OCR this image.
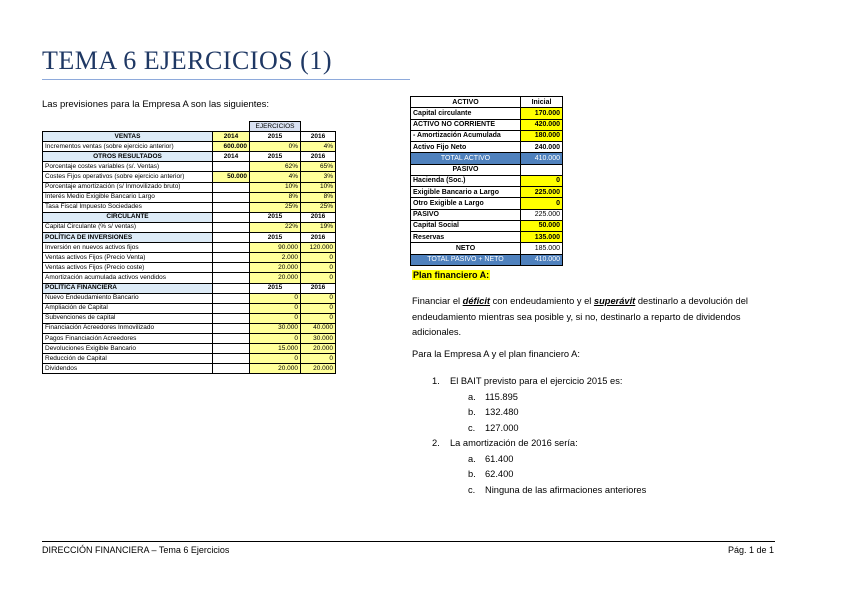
TEMA 6 EJERCICIOS (1)
Las previsiones para la Empresa A son las siguientes:
		EJERCICIOS	
VENTAS	2014	2015	2016
Incrementos ventas (sobre ejercicio anterior)	600.000	0%	4%
OTROS RESULTADOS	2014	2015	2016
Porcentaje costes variables (s/. Ventas)		62%	65%
Costes Fijos operativos (sobre ejercicio anterior)	50.000	4%	3%
Porcentaje amortización (s/ Inmovilizado bruto)		10%	10%
Interés Medio Exigible Bancario Largo		8%	8%
Tasa Fiscal Impuesto Sociedades		25%	25%
CIRCULANTE		2015	2016
Capital Circulante (% s/ ventas)		22%	19%
POLÍTICA DE INVERSIONES		2015	2016
Inversión en nuevos activos fijos		90.000	120.000
Ventas activos Fijos (Precio Venta)		2.000	0
Ventas activos Fijos (Precio coste)		20.000	0
Amortización acumulada activos vendidos		20.000	0
POLÍTICA FINANCIERA		2015	2016
Nuevo Endeudamiento Bancario		0	0
Ampliación de Capital		0	0
Subvenciones de capital		0	0
Financiación Acreedores Inmovilizado		30.000	40.000
Pagos Financiación Acreedores		0	30.000
Devoluciones Exigible Bancario		15.000	20.000
Reducción de Capital		0	0
Dividendos		20.000	20.000
ACTIVO	Inicial
Capital circulante	170.000
ACTIVO NO CORRIENTE	420.000
- Amortización Acumulada	180.000
Activo Fijo Neto	240.000
TOTAL ACTIVO	410.000
PASIVO	
Hacienda (Soc.)	0
Exigible Bancario a Largo	225.000
Otro Exigible a Largo	0
PASIVO	225.000
Capital Social	50.000
Reservas	135.000
NETO	185.000
TOTAL PASIVO + NETO	410.000
Plan financiero A:
Financiar el déficit con endeudamiento y el superávit destinarlo a devolución del endeudamiento mientras sea posible y, si no, destinarlo a reparto de dividendos adicionales.
Para la Empresa A y el plan financiero A:
1. El BAIT previsto para el ejercicio 2015 es:
a. 115.895
b. 132.480
c. 127.000
2. La amortización de 2016 sería:
a. 61.400
b. 62.400
c. Ninguna de las afirmaciones anteriores
DIRECCIÓN FINANCIERA – Tema 6 Ejercicios	Pág. 1 de 1
